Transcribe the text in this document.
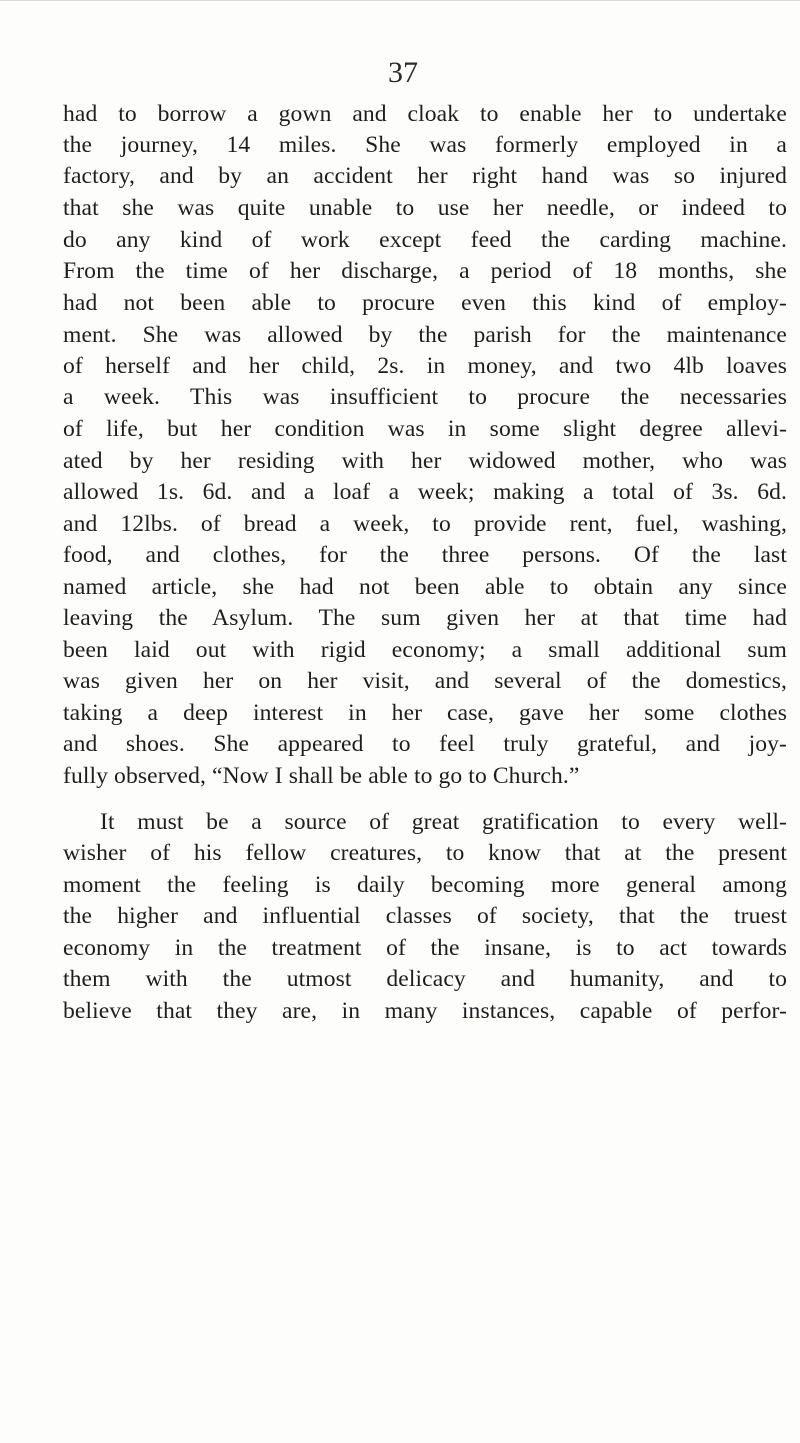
37
had to borrow a gown and cloak to enable her to undertake
the journey, 14 miles. She was formerly employed in a
factory, and by an accident her right hand was so injured
that she was quite unable to use her needle, or indeed to
do any kind of work except feed the carding machine.
From the time of her discharge, a period of 18 months, she
had not been able to procure even this kind of employ-
ment. She was allowed by the parish for the maintenance
of herself and her child, 2s. in money, and two 4lb loaves
a week. This was insufficient to procure the necessaries
of life, but her condition was in some slight degree allevi-
ated by her residing with her widowed mother, who was
allowed 1s. 6d. and a loaf a week; making a total of 3s. 6d.
and 12lbs. of bread a week, to provide rent, fuel, washing,
food, and clothes, for the three persons. Of the last
named article, she had not been able to obtain any since
leaving the Asylum. The sum given her at that time had
been laid out with rigid economy; a small additional sum
was given her on her visit, and several of the domestics,
taking a deep interest in her case, gave her some clothes
and shoes. She appeared to feel truly grateful, and joy-
fully observed, “Now I shall be able to go to Church.”
It must be a source of great gratification to every well-
wisher of his fellow creatures, to know that at the present
moment the feeling is daily becoming more general among
the higher and influential classes of society, that the truest
economy in the treatment of the insane, is to act towards
them with the utmost delicacy and humanity, and to
believe that they are, in many instances, capable of perfor-
